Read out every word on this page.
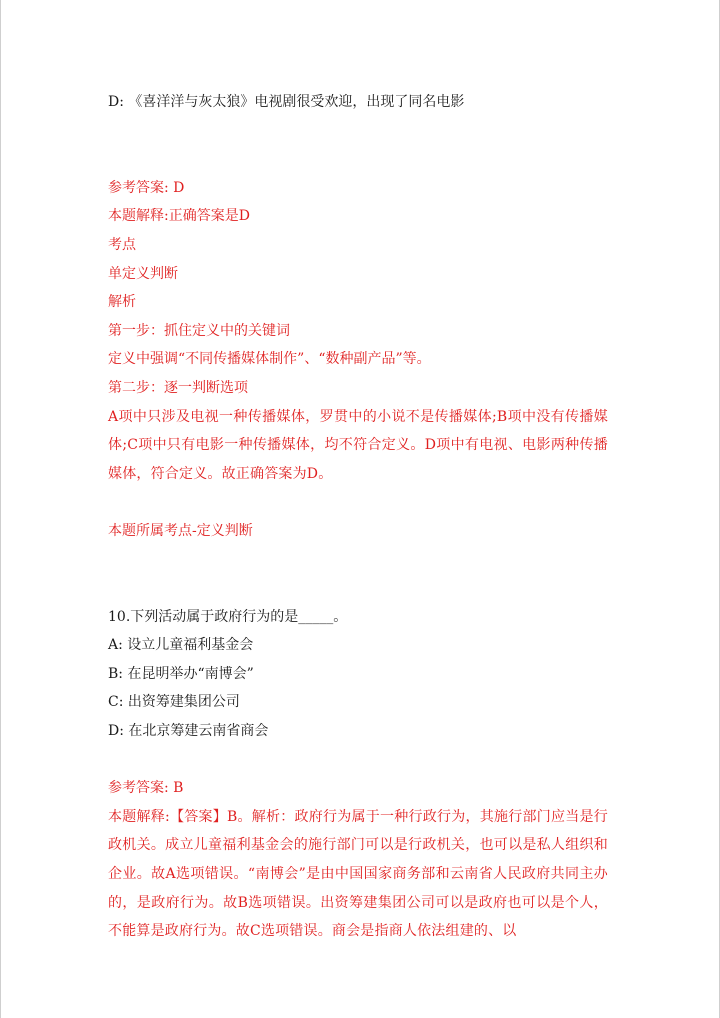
D: 《喜洋洋与灰太狼》电视剧很受欢迎，出现了同名电影

参考答案: D

本题解释:正确答案是D

考点

单定义判断

解析

第一步：抓住定义中的关键词

定义中强调“不同传播媒体制作”、“数种副产品”等。

第二步：逐一判断选项

A项中只涉及电视一种传播媒体，罗贯中的小说不是传播媒体;B项中没有传播媒体;C项中只有电影一种传播媒体，均不符合定义。D项中有电视、电影两种传播媒体，符合定义。故正确答案为D。

本题所属考点-定义判断

10.下列活动属于政府行为的是_____。

A: 设立儿童福利基金会

B: 在昆明举办“南博会”

C: 出资筹建集团公司

D: 在北京筹建云南省商会

参考答案: B

本题解释:【答案】B。解析：政府行为属于一种行政行为，其施行部门应当是行政机关。成立儿童福利基金会的施行部门可以是行政机关，也可以是私人组织和企业。故A选项错误。“南博会”是由中国国家商务部和云南省人民政府共同主办的，是政府行为。故B选项错误。出资筹建集团公司可以是政府也可以是个人，不能算是政府行为。故C选项错误。商会是指商人依法组建的、以
